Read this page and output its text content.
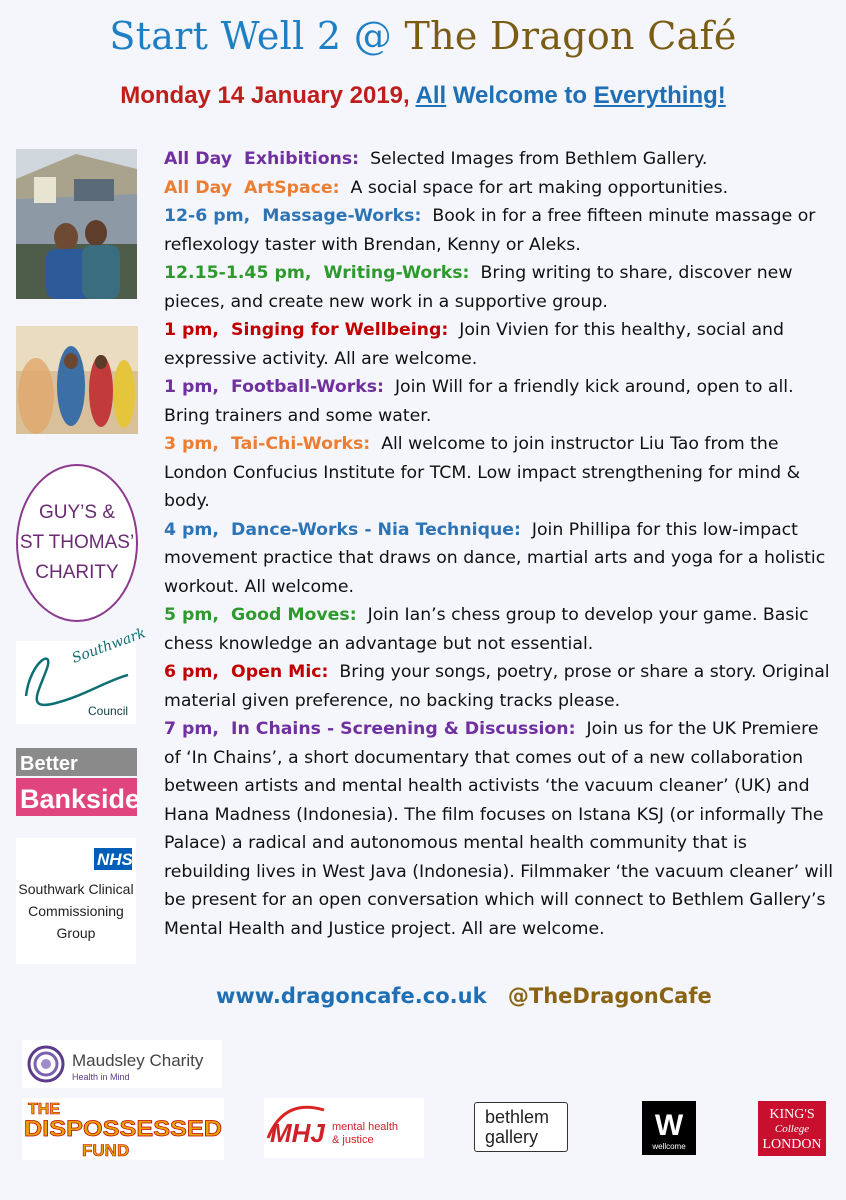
Start Well 2 @ The Dragon Café
Monday 14 January 2019, All Welcome to Everything!

All Day Exhibitions: Selected Images from Bethlem Gallery.

All Day ArtSpace: A social space for art making opportunities.

12-6 pm, Massage-Works: Book in for a free fifteen minute massage or reflexology taster with Brendan, Kenny or Aleks.

12.15-1.45 pm, Writing-Works: Bring writing to share, discover new pieces, and create new work in a supportive group.

1 pm, Singing for Wellbeing: Join Vivien for this healthy, social and expressive activity. All are welcome.

1 pm, Football-Works: Join Will for a friendly kick around, open to all. Bring trainers and some water.

3 pm, Tai-Chi-Works: All welcome to join instructor Liu Tao from the London Confucius Institute for TCM. Low impact strengthening for mind & body.

4 pm, Dance-Works - Nia Technique: Join Phillipa for this low-impact movement practice that draws on dance, martial arts and yoga for a holistic workout. All welcome.

5 pm, Good Moves: Join Ian’s chess group to develop your game. Basic chess knowledge an advantage but not essential.

6 pm, Open Mic: Bring your songs, poetry, prose or share a story. Original material given preference, no backing tracks please.

7 pm, In Chains - Screening & Discussion: Join us for the UK Premiere of ‘In Chains’, a short documentary that comes out of a new collaboration between artists and mental health activists ‘the vacuum cleaner’ (UK) and Hana Madness (Indonesia). The film focuses on Istana KSJ (or informally The Palace) a radical and autonomous mental health community that is rebuilding lives in West Java (Indonesia). Filmmaker ‘the vacuum cleaner’ will be present for an open conversation which will connect to Bethlem Gallery’s Mental Health and Justice project. All are welcome.

www.dragoncafe.co.uk @TheDragonCafe
GUY’S &
ST THOMAS’
CHARITY
Southwark
Council
Better
Bankside
NHS
Southwark Clinical
Commissioning
Group
Maudsley Charity
Health in Mind
THE
DISPOSSESSED
FUND
MHJ mental health
& justice
bethlem
gallery	W
wellcome
KING'S
College
LONDON
